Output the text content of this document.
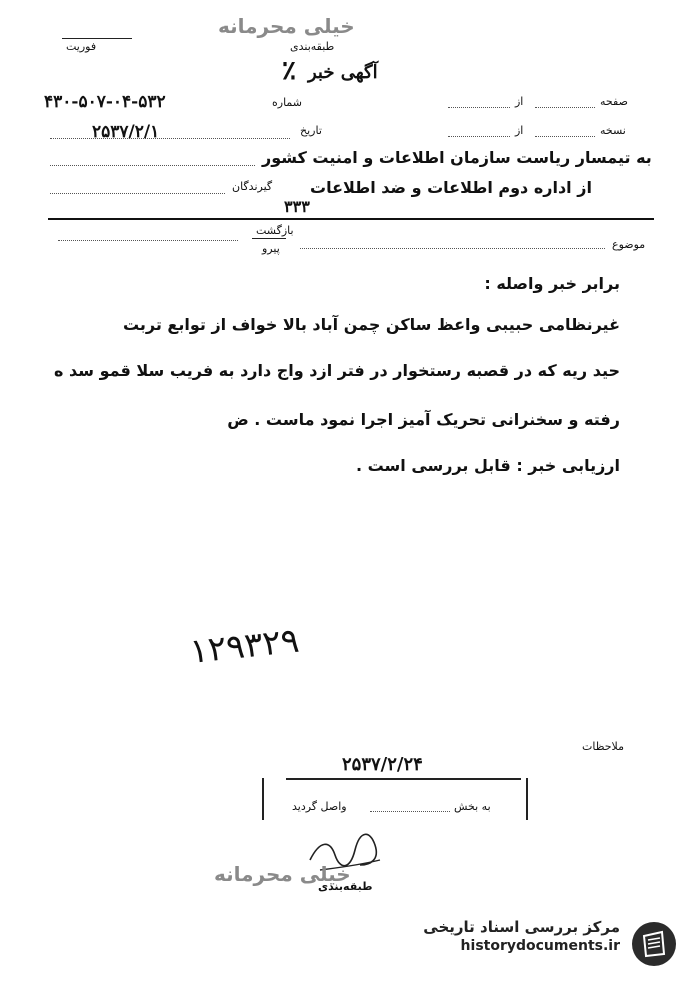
فوریت
خیلی محرمانه
طبقه‌بندی
آگهی خبر
٪
صفحه
از
نسخه
از
شماره
۴۳۰-۵۰۷-۰۴-۵۳۲
تاریخ
۲۵۳۷/۲/۱
به تیمسار ریاست سازمان اطلاعات و امنیت کشور
از اداره دوم اطلاعات و ضد اطلاعات
گیرندگان
۳۳۳
بازگشت
پیرو	موضوع
برابر خبر واصله :
غیرنظامی حبیبی واعظ ساکن چمن آباد بالا خواف از توابع تربت
حید ریه که در قصبه رستخوار در فتر ازد واج دارد به فریب سلا قمو سد ه
رفته و سخنرانی تحریک آمیز اجرا نمود ماست . ض
ارزیابی خبر : قابل بررسی است .
۱۲۹۳۲۹
ملاحظات
۲۵۳۷/۲/۲۴
به بخش
واصل گردید
خیلی محرمانه
طبقه‌بندی
مرکز بررسی اسناد تاریخی
historydocuments.ir
